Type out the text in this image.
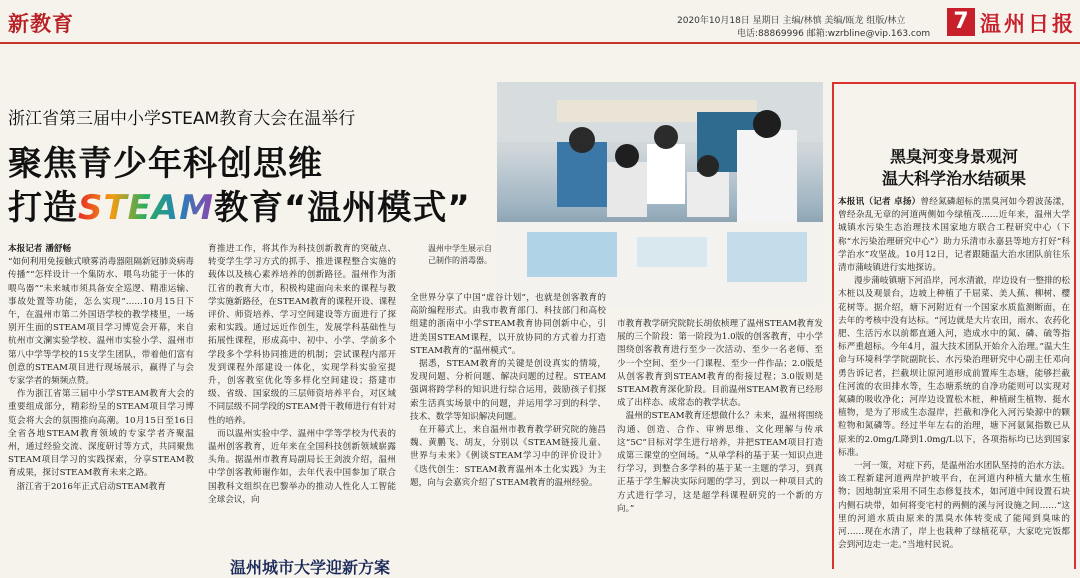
新教育	2020年10月18日 星期日 主编/林慎 美编/瓯龙 组版/林立
电话:88869996 邮箱:wzrbline@vip.163.com 7 温州日报
浙江省第三届中小学STEAM教育大会在温举行
聚焦青少年科创思维
打造STEAM教育“温州模式”
温州中学生展示自己制作的消毒器。
本报记者 潘舒畅
“如何利用免接触式喷雾消毒器阻隔新冠肺炎病毒传播”“怎样设计一个集防水、喂鸟功能于一体的喂鸟器”“未来城市须具备安全巡逻、精准运输、事故处置等功能，怎么实现”……10月15日下午，在温州市第二外国语学校的教学楼里，一场别开生面的STEAM项目学习博览会开幕，来自杭州市文澜实验学校、温州市实验小学、温州市第八中学等学校的15支学生团队，带着他们富有创意的STEAM项目进行现场展示，赢得了与会专家学者的频频点赞。
　作为浙江省第三届中小学STEAM教育大会的重要组成部分，精彩纷呈的STEAM项目学习博览会将大会的氛围推向高潮。10月15日至16日全省各地STEAM教育领域的专家学者齐聚温州，通过经验交流、深度研讨等方式，共同聚焦STEAM项目学习的实践探索，分享STEAM教育成果，探讨STEAM教育未来之路。
　浙江省于2016年正式启动STEAM教育
育推进工作，将其作为科技创新教育的突破点、转变学生学习方式的抓手、推进课程整合实施的载体以及核心素养培养的创新路径。温州作为浙江省的教育大市，积极构建面向未来的课程与教学实施新路径，在STEAM教育的课程开设、课程评价、师资培养、学习空间建设等方面进行了探索和实践。通过远近作创生，发展学科基础性与拓展性课程，形成高中、初中、小学、学前多个学段多个学科协同推进的机制；尝试课程内部开发到课程外部建设一体化，实现学科实验室提升，创客教室优化等多样化空间建设；搭建市级、省级、国家级的三层师资培养平台，对区域不同层级不同学段的STEAM骨干教师进行有针对性的培养。
　而以温州实验中学、温州中学等学校为代表的温州创客教育，近年来在全国科技创新领域崭露头角。据温州市教育局副局长王剑波介绍，温州中学创客教师谢作如，去年代表中国参加了联合国教科文组织在巴黎举办的推动人性化人工智能全球会议，向
全世界分享了中国“虚谷计划”，也就是创客教育的高阶编程形式。由我市教育部门、科技部门和高校组建的浙南中小学STEAM教育协同创新中心，引进美国STEAM课程，以开放协同的方式着力打造STEAM教育的“温州模式”。
　据悉，STEAM教育的关键是创设真实的情境，发现问题、分析问题、解决问题的过程。STEAM强调将跨学科的知识进行综合运用，鼓励孩子们探索生活真实场景中的问题，并运用学习到的科学、技术、数学等知识解决问题。
　在开幕式上，来自温州市教育教学研究院的施昌魏、黄鹏飞、胡友，分别以《STEAM链接儿童、世界与未来》《例谈STEAM学习中的评价设计》《迭代创生：STEAM教育温州本土化实践》为主题，向与会嘉宾介绍了STEAM教育的温州经验。
市教育教学研究院院长胡依桢理了温州STEAM教育发展的三个阶段：第一阶段为1.0版的创客教育，中小学围绕创客教育进行至少一次活动、至少一名老师、至少一个空间、至少一门课程、至少一件作品；2.0版是从创客教育到STEAM教育的衔接过程；3.0版则是STEAM教育深化阶段。目前温州STEAM教育已经形成了出样态、成常态的教学状态。
　温州的STEAM教育还想做什么？未来，温州将围绕沟通、创造、合作、审辨思维、文化理解与传承这“5C”目标对学生进行培养，并把STEAM项目打造成第三课堂的空间场。“从单学科的基于某一知识点进行学习，到整合多学科的基于某一主题的学习，到真正基于学生解决实际问题的学习，到以一种项目式的方式进行学习，这是超学科课程研究的一个新的方向。”
黑臭河变身景观河
温大科学治水结硕果
本报讯（记者 卓扬）曾经氮磷超标的黑臭河如今碧波荡漾，曾经杂乱无章的河道两侧如今绿植茂……近年来，温州大学城镇水污染生态治理技术国家地方联合工程研究中心（下称“水污染治理研究中心”）助力乐清市永嘉县等地方打好“科学治水”攻坚战。10月12日，记者跟随温大治水团队前往乐清市蒲岐镇进行实地探访。
漫步蒲岐镇塘下河沿岸，河水清澈，岸边设有一整排的松木桩以及观景台，边坡上种植了千屈菜、美人蕉、柳树、樱花树等。据介绍，塘下河附近有一个国家水质监测断面，在去年的考核中没有达标。“河边就是大片农田，雨水、农药化肥、生活污水以前都直通入河，造成水中的氮、磷、硫等指标严重超标。今年4月，温大技术团队开始介入治理。”温大生命与环境科学学院副院长、水污染治理研究中心副主任邓向勇告诉记者，拦截坝让原河道形成前置库生态塘，能够拦截住河流的农田排水等，生态塘系统的自净功能则可以实现对氮磷的吸收净化；河岸边设置松木桩，种植耐生植物、挺水植物，是为了形成生态湿岸，拦截和净化入河污染源中的颗粒物和氮磷等。经过半年左右的治理，塘下河氨氮指数已从原来的2.0mg/L降到1.0mg/L以下，各项指标均已达到国家标准。
一河一策，对症下药，是温州治水团队坚持的治水方法。该工程新建河道两岸护坡平台，在河道内种植大量水生植物；因地制宜采用不同生态修复技术，如河道中间设置石块内侧石块带，如何将变宅村的两侧的溪与河设施之间……“这里的河道水质由原来的黑臭水体转变成了能闻到臭味的河……现在水清了，岸上也栽种了绿植花草，大家吃完饭都会到河边走一走。”当地村民说。
温州城市大学迎新方案
